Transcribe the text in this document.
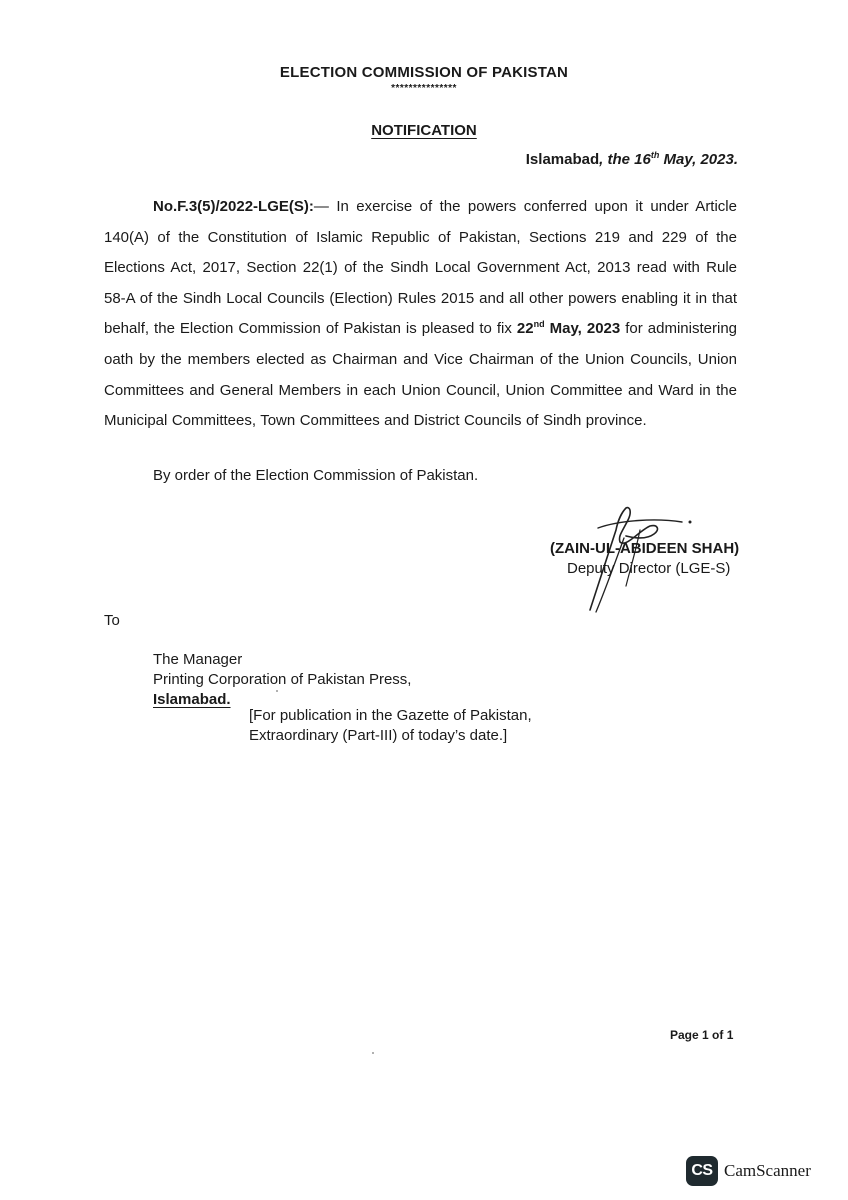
ELECTION COMMISSION OF PAKISTAN
***************
NOTIFICATION
Islamabad, the 16th May, 2023.
No.F.3(5)/2022-LGE(S):— In exercise of the powers conferred upon it under Article 140(A) of the Constitution of Islamic Republic of Pakistan, Sections 219 and 229 of the Elections Act, 2017, Section 22(1) of the Sindh Local Government Act, 2013 read with Rule 58-A of the Sindh Local Councils (Election) Rules 2015 and all other powers enabling it in that behalf, the Election Commission of Pakistan is pleased to fix 22nd May, 2023 for administering oath by the members elected as Chairman and Vice Chairman of the Union Councils, Union Committees and General Members in each Union Council, Union Committee and Ward in the Municipal Committees, Town Committees and District Councils of Sindh province.
By order of the Election Commission of Pakistan.
(ZAIN-UL-ABIDEEN SHAH)
Deputy Director (LGE-S)
To
The Manager
Printing Corporation of Pakistan Press,
Islamabad.
[For publication in the Gazette of Pakistan,
Extraordinary (Part-III) of today’s date.]
Page 1 of 1
CS CamScanner
